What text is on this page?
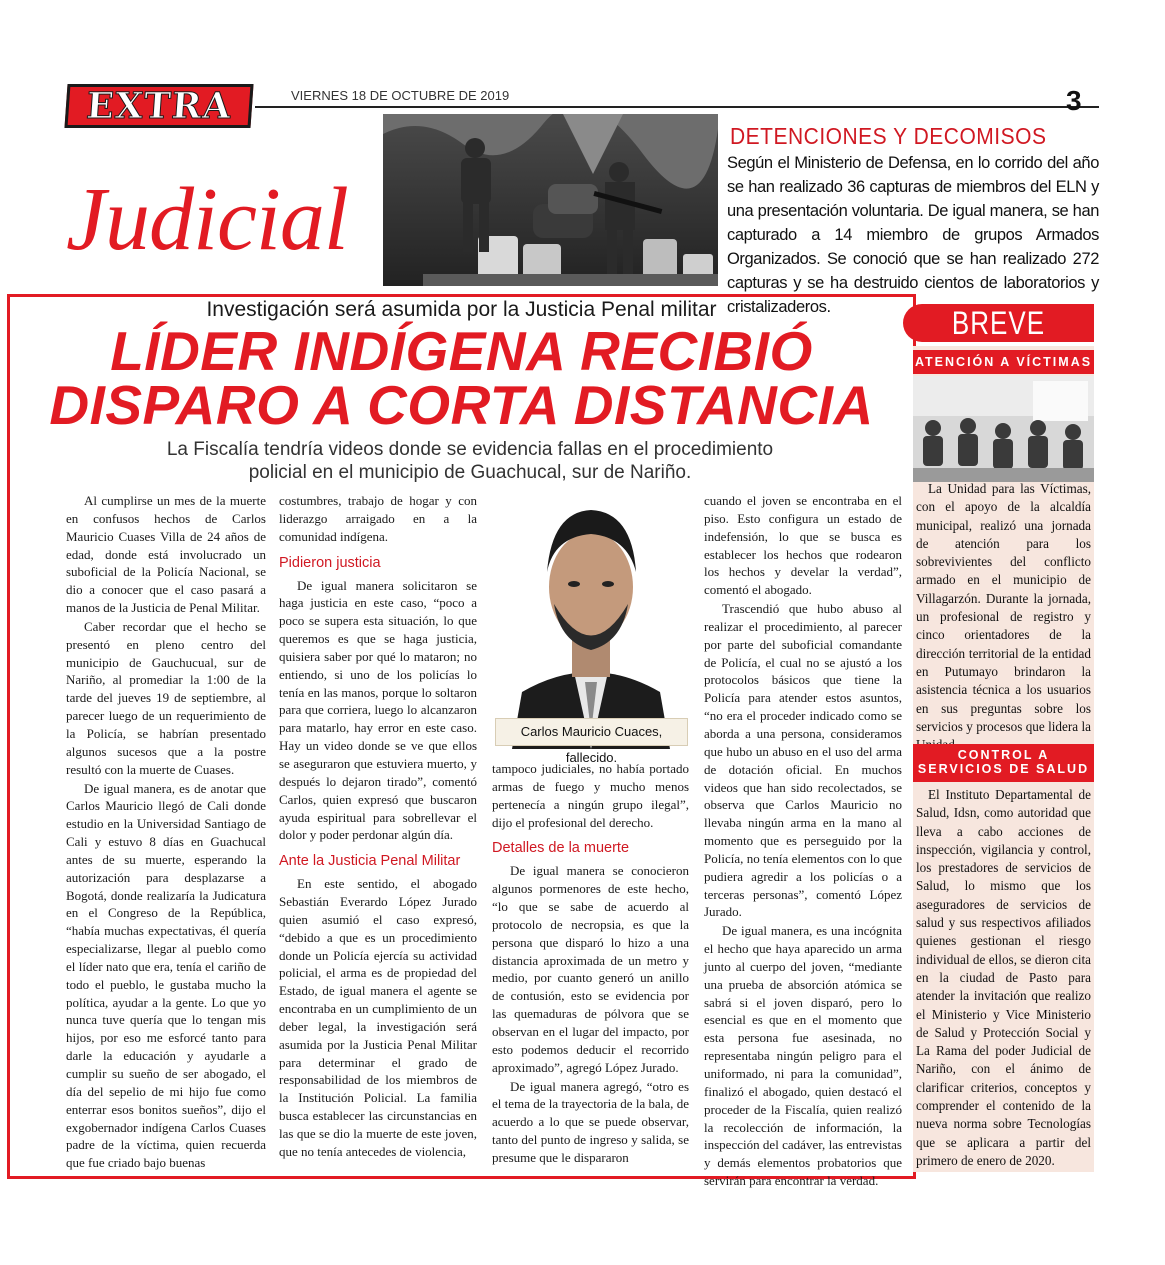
EXTRA	VIERNES 18 DE OCTUBRE DE 2019	3
Judicial
DETENCIONES Y DECOMISOS
Según el Ministerio de Defensa, en lo corrido del año se han realizado 36 capturas de miembros del ELN y una presentación voluntaria. De igual manera, se han capturado a 14 miembro de grupos Armados Organizados. Se conoció que se han realizado 272 capturas y se ha destruido cientos de laboratorios y cristalizaderos.
Investigación será asumida por la Justicia Penal militar
LÍDER INDÍGENA RECIBIÓ
DISPARO A CORTA DISTANCIA
La Fiscalía tendría videos donde se evidencia fallas en el procedimiento policial en el municipio de Guachucal, sur de Nariño.

Al cumplirse un mes de la muerte en confusos hechos de Carlos Mauricio Cuases Villa de 24 años de edad, donde está involucrado un suboficial de la Policía Nacional, se dio a conocer que el caso pasará a manos de la Justicia de Penal Militar.

Caber recordar que el hecho se presentó en pleno centro del municipio de Gauchucual, sur de Nariño, al promediar la 1:00 de la tarde del jueves 19 de septiembre, al parecer luego de un requerimiento de la Policía, se habrían presentado algunos sucesos que a la postre resultó con la muerte de Cuases.

De igual manera, es de anotar que Carlos Mauricio llegó de Cali donde estudio en la Universidad Santiago de Cali y estuvo 8 días en Guachucal antes de su muerte, esperando la autorización para desplazarse a Bogotá, donde realizaría la Judicatura en el Congreso de la República, “había muchas expectativas, él quería especializarse, llegar al pueblo como el líder nato que era, tenía el cariño de todo el pueblo, le gustaba mucho la política, ayudar a la gente. Lo que yo nunca tuve quería que lo tengan mis hijos, por eso me esforcé tanto para darle la educación y ayudarle a cumplir su sueño de ser abogado, el día del sepelio de mi hijo fue como enterrar esos bonitos sueños”, dijo el exgobernador indígena Carlos Cuases padre de la víctima, quien recuerda que fue criado bajo buenas

costumbres, trabajo de hogar y con liderazgo arraigado en a la comunidad indígena.

Pidieron justicia

De igual manera solicitaron se haga justicia en este caso, “poco a poco se supera esta situación, lo que queremos es que se haga justicia, quisiera saber por qué lo mataron; no entiendo, si uno de los policías lo tenía en las manos, porque lo soltaron para que corriera, luego lo alcanzaron para matarlo, hay error en este caso. Hay un video donde se ve que ellos se aseguraron que estuviera muerto, y después lo dejaron tirado”, comentó Carlos, quien expresó que buscaron ayuda espiritual para sobrellevar el dolor y poder perdonar algún día.

Ante la Justicia Penal Militar

En este sentido, el abogado Sebastián Everardo López Jurado quien asumió el caso expresó, “debido a que es un procedimiento donde un Policía ejercía su actividad policial, el arma es de propiedad del Estado, de igual manera el agente se encontraba en un cumplimiento de un deber legal, la investigación será asumida por la Justicia Penal Militar para determinar el grado de responsabilidad de los miembros de la Institución Policial. La familia busca establecer las circunstancias en las que se dio la muerte de este joven, que no tenía antecedes de violencia,

Carlos Mauricio Cuaces, fallecido.

tampoco judiciales, no había portado armas de fuego y mucho menos pertenecía a ningún grupo ilegal”, dijo el profesional del derecho.

Detalles de la muerte

De igual manera se conocieron algunos pormenores de este hecho, “lo que se sabe de acuerdo al protocolo de necropsia, es que la persona que disparó lo hizo a una distancia aproximada de un metro y medio, por cuanto generó un anillo de contusión, esto se evidencia por las quemaduras de pólvora que se observan en el lugar del impacto, por esto podemos deducir el recorrido aproximado”, agregó López Jurado.

De igual manera agregó, “otro es el tema de la trayectoria de la bala, de acuerdo a lo que se puede observar, tanto del punto de ingreso y salida, se presume que le dispararon

cuando el joven se encontraba en el piso. Esto configura un estado de indefensión, lo que se busca es establecer los hechos que rodearon los hechos y develar la verdad”, comentó el abogado.

Trascendió que hubo abuso al realizar el procedimiento, al parecer por parte del suboficial comandante de Policía, el cual no se ajustó a los protocolos básicos que tiene la Policía para atender estos asuntos, “no era el proceder indicado como se aborda a una persona, consideramos que hubo un abuso en el uso del arma de dotación oficial. En muchos videos que han sido recolectados, se observa que Carlos Mauricio no llevaba ningún arma en la mano al momento que es perseguido por la Policía, no tenía elementos con lo que pudiera agredir a los policías o a terceras personas”, comentó López Jurado.

De igual manera, es una incógnita el hecho que haya aparecido un arma junto al cuerpo del joven, “mediante una prueba de absorción atómica se sabrá si el joven disparó, pero lo esencial es que en el momento que esta persona fue asesinada, no representaba ningún peligro para el uniformado, ni para la comunidad”, finalizó el abogado, quien destacó el proceder de la Fiscalía, quien realizó la recolección de información, la inspección del cadáver, las entrevistas y demás elementos probatorios que servirán para encontrar la verdad.

BREVE
ATENCIÓN A VÍCTIMAS

La Unidad para las Víctimas, con el apoyo de la alcaldía municipal, realizó una jornada de atención para los sobrevivientes del conflicto armado en el municipio de Villagarzón. Durante la jornada, un profesional de registro y cinco orientadores de la dirección territorial de la entidad en Putumayo brindaron la asistencia técnica a los usuarios en sus preguntas sobre los servicios y procesos que lidera la

CONTROL A SERVICIOS DE SALUD

El Instituto Departamental de Salud, Idsn, como autoridad que lleva a cabo acciones de inspección, vigilancia y control, los prestadores de servicios de Salud, lo mismo que los aseguradores de servicios de salud y sus respectivos afiliados quienes gestionan el riesgo individual de ellos, se dieron cita en la ciudad de Pasto para atender la invitación que realizo el Ministerio y Vice Ministerio de Salud y Protección Social y La Rama del poder Judicial de Nariño, con el ánimo de clarificar criterios, conceptos y comprender el contenido de la nueva norma sobre Tecnologías que se aplicara a partir del primero de enero de 2020.
